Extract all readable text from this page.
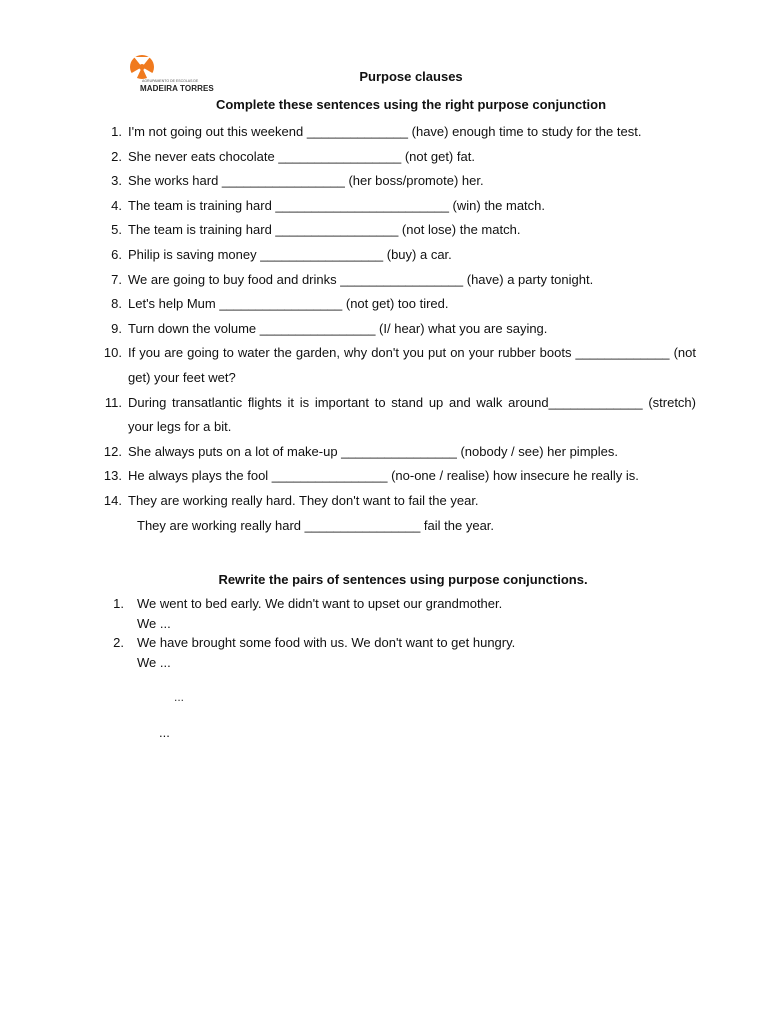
AGRUPAMENTO DE ESCOLAS DE
MADEIRA TORRES
Purpose clauses
Complete these sentences using the right purpose conjunction
1. I'm not going out this weekend ______________ (have) enough time to study for the test.
2. She never eats chocolate _________________ (not get) fat.
3. She works hard _________________ (her boss/promote) her.
4. The team is training hard ________________________ (win) the match.
5. The team is training hard _________________ (not lose) the match.
6. Philip is saving money _________________ (buy) a car.
7. We are going to buy food and drinks _________________ (have) a party tonight.
8. Let's help Mum _________________ (not get) too tired.
9. Turn down the volume ________________ (I/ hear) what you are saying.
10. If you are going to water the garden, why don't you put on your rubber boots _____________ (not
get) your feet wet?
11. During transatlantic flights it is important to stand up and walk around_____________ (stretch)
your legs for a bit.
12. She always puts on a lot of make-up ________________ (nobody / see) her pimples.
13. He always plays the fool ________________ (no-one / realise) how insecure he really is.
14. They are working really hard. They don't want to fail the year.
They are working really hard ________________ fail the year.
Rewrite the pairs of sentences using purpose conjunctions.
1. We went to bed early. We didn't want to upset our grandmother.
We ...
2. We have brought some food with us. We don't want to get hungry.
We ...
...
...
